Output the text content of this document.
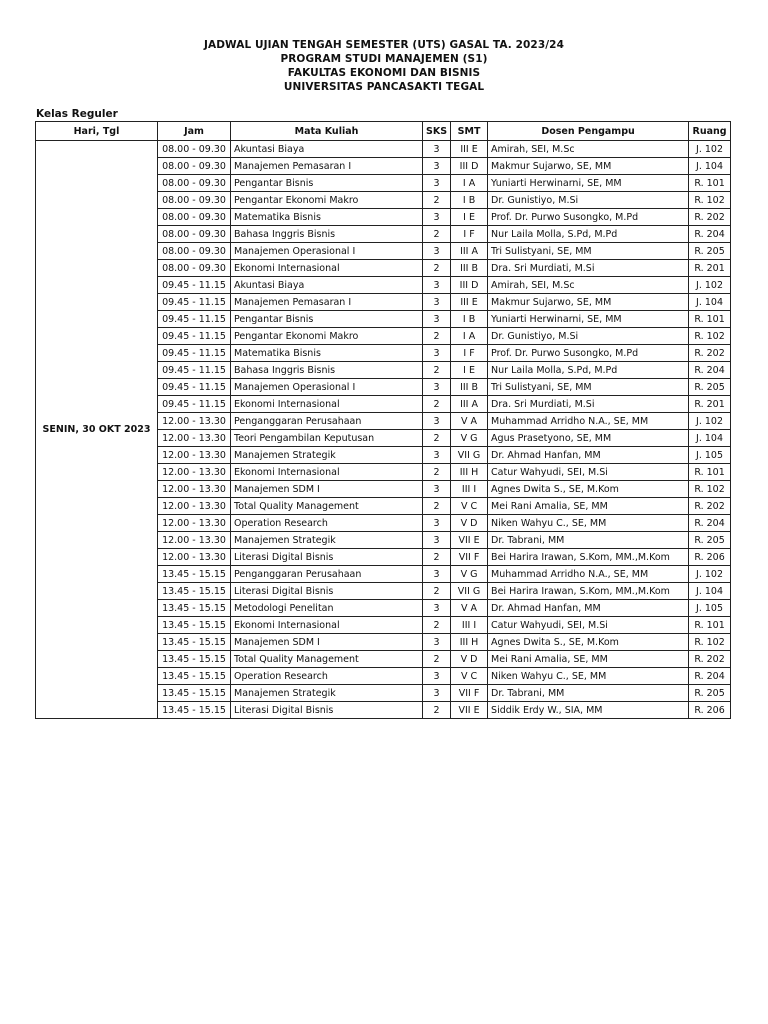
JADWAL UJIAN TENGAH SEMESTER (UTS) GASAL TA. 2023/24
PROGRAM STUDI MANAJEMEN (S1)
FAKULTAS EKONOMI DAN BISNIS
UNIVERSITAS PANCASAKTI TEGAL
Kelas Reguler
Hari, Tgl	Jam	Mata Kuliah	SKS	SMT	Dosen Pengampu	Ruang
SENIN, 30 OKT 2023	08.00 - 09.30	Akuntasi Biaya	3	III E	Amirah, SEI, M.Sc	J. 102
	08.00 - 09.30	Manajemen Pemasaran I	3	III D	Makmur Sujarwo, SE, MM	J. 104
	08.00 - 09.30	Pengantar Bisnis	3	I A	Yuniarti Herwinarni, SE, MM	R. 101
	08.00 - 09.30	Pengantar Ekonomi Makro	2	I B	Dr. Gunistiyo, M.Si	R. 102
	08.00 - 09.30	Matematika Bisnis	3	I E	Prof. Dr. Purwo Susongko, M.Pd	R. 202
	08.00 - 09.30	Bahasa Inggris Bisnis	2	I F	Nur Laila Molla, S.Pd, M.Pd	R. 204
	08.00 - 09.30	Manajemen Operasional I	3	III A	Tri Sulistyani, SE, MM	R. 205
	08.00 - 09.30	Ekonomi Internasional	2	III B	Dra. Sri Murdiati, M.Si	R. 201
	09.45 - 11.15	Akuntasi Biaya	3	III D	Amirah, SEI, M.Sc	J. 102
	09.45 - 11.15	Manajemen Pemasaran I	3	III E	Makmur Sujarwo, SE, MM	J. 104
	09.45 - 11.15	Pengantar Bisnis	3	I B	Yuniarti Herwinarni, SE, MM	R. 101
	09.45 - 11.15	Pengantar Ekonomi Makro	2	I A	Dr. Gunistiyo, M.Si	R. 102
	09.45 - 11.15	Matematika Bisnis	3	I F	Prof. Dr. Purwo Susongko, M.Pd	R. 202
	09.45 - 11.15	Bahasa Inggris Bisnis	2	I E	Nur Laila Molla, S.Pd, M.Pd	R. 204
	09.45 - 11.15	Manajemen Operasional I	3	III B	Tri Sulistyani, SE, MM	R. 205
	09.45 - 11.15	Ekonomi Internasional	2	III A	Dra. Sri Murdiati, M.Si	R. 201
	12.00 - 13.30	Penganggaran Perusahaan	3	V A	Muhammad Arridho N.A., SE, MM	J. 102
	12.00 - 13.30	Teori Pengambilan Keputusan	2	V G	Agus Prasetyono, SE, MM	J. 104
	12.00 - 13.30	Manajemen Strategik	3	VII G	Dr. Ahmad Hanfan, MM	J. 105
	12.00 - 13.30	Ekonomi Internasional	2	III H	Catur Wahyudi, SEI, M.Si	R. 101
	12.00 - 13.30	Manajemen SDM I	3	III I	Agnes Dwita S., SE, M.Kom	R. 102
	12.00 - 13.30	Total Quality Management	2	V C	Mei Rani Amalia, SE, MM	R. 202
	12.00 - 13.30	Operation Research	3	V D	Niken Wahyu C., SE, MM	R. 204
	12.00 - 13.30	Manajemen Strategik	3	VII E	Dr. Tabrani, MM	R. 205
	12.00 - 13.30	Literasi Digital Bisnis	2	VII F	Bei Harira Irawan, S.Kom, MM.,M.Kom	R. 206
	13.45 - 15.15	Penganggaran Perusahaan	3	V G	Muhammad Arridho N.A., SE, MM	J. 102
	13.45 - 15.15	Literasi Digital Bisnis	2	VII G	Bei Harira Irawan, S.Kom, MM.,M.Kom	J. 104
	13.45 - 15.15	Metodologi Penelitan	3	V A	Dr. Ahmad Hanfan, MM	J. 105
	13.45 - 15.15	Ekonomi Internasional	2	III I	Catur Wahyudi, SEI, M.Si	R. 101
	13.45 - 15.15	Manajemen SDM I	3	III H	Agnes Dwita S., SE, M.Kom	R. 102
	13.45 - 15.15	Total Quality Management	2	V D	Mei Rani Amalia, SE, MM	R. 202
	13.45 - 15.15	Operation Research	3	V C	Niken Wahyu C., SE, MM	R. 204
	13.45 - 15.15	Manajemen Strategik	3	VII F	Dr. Tabrani, MM	R. 205
	13.45 - 15.15	Literasi Digital Bisnis	2	VII E	Siddik Erdy W., SIA, MM	R. 206
